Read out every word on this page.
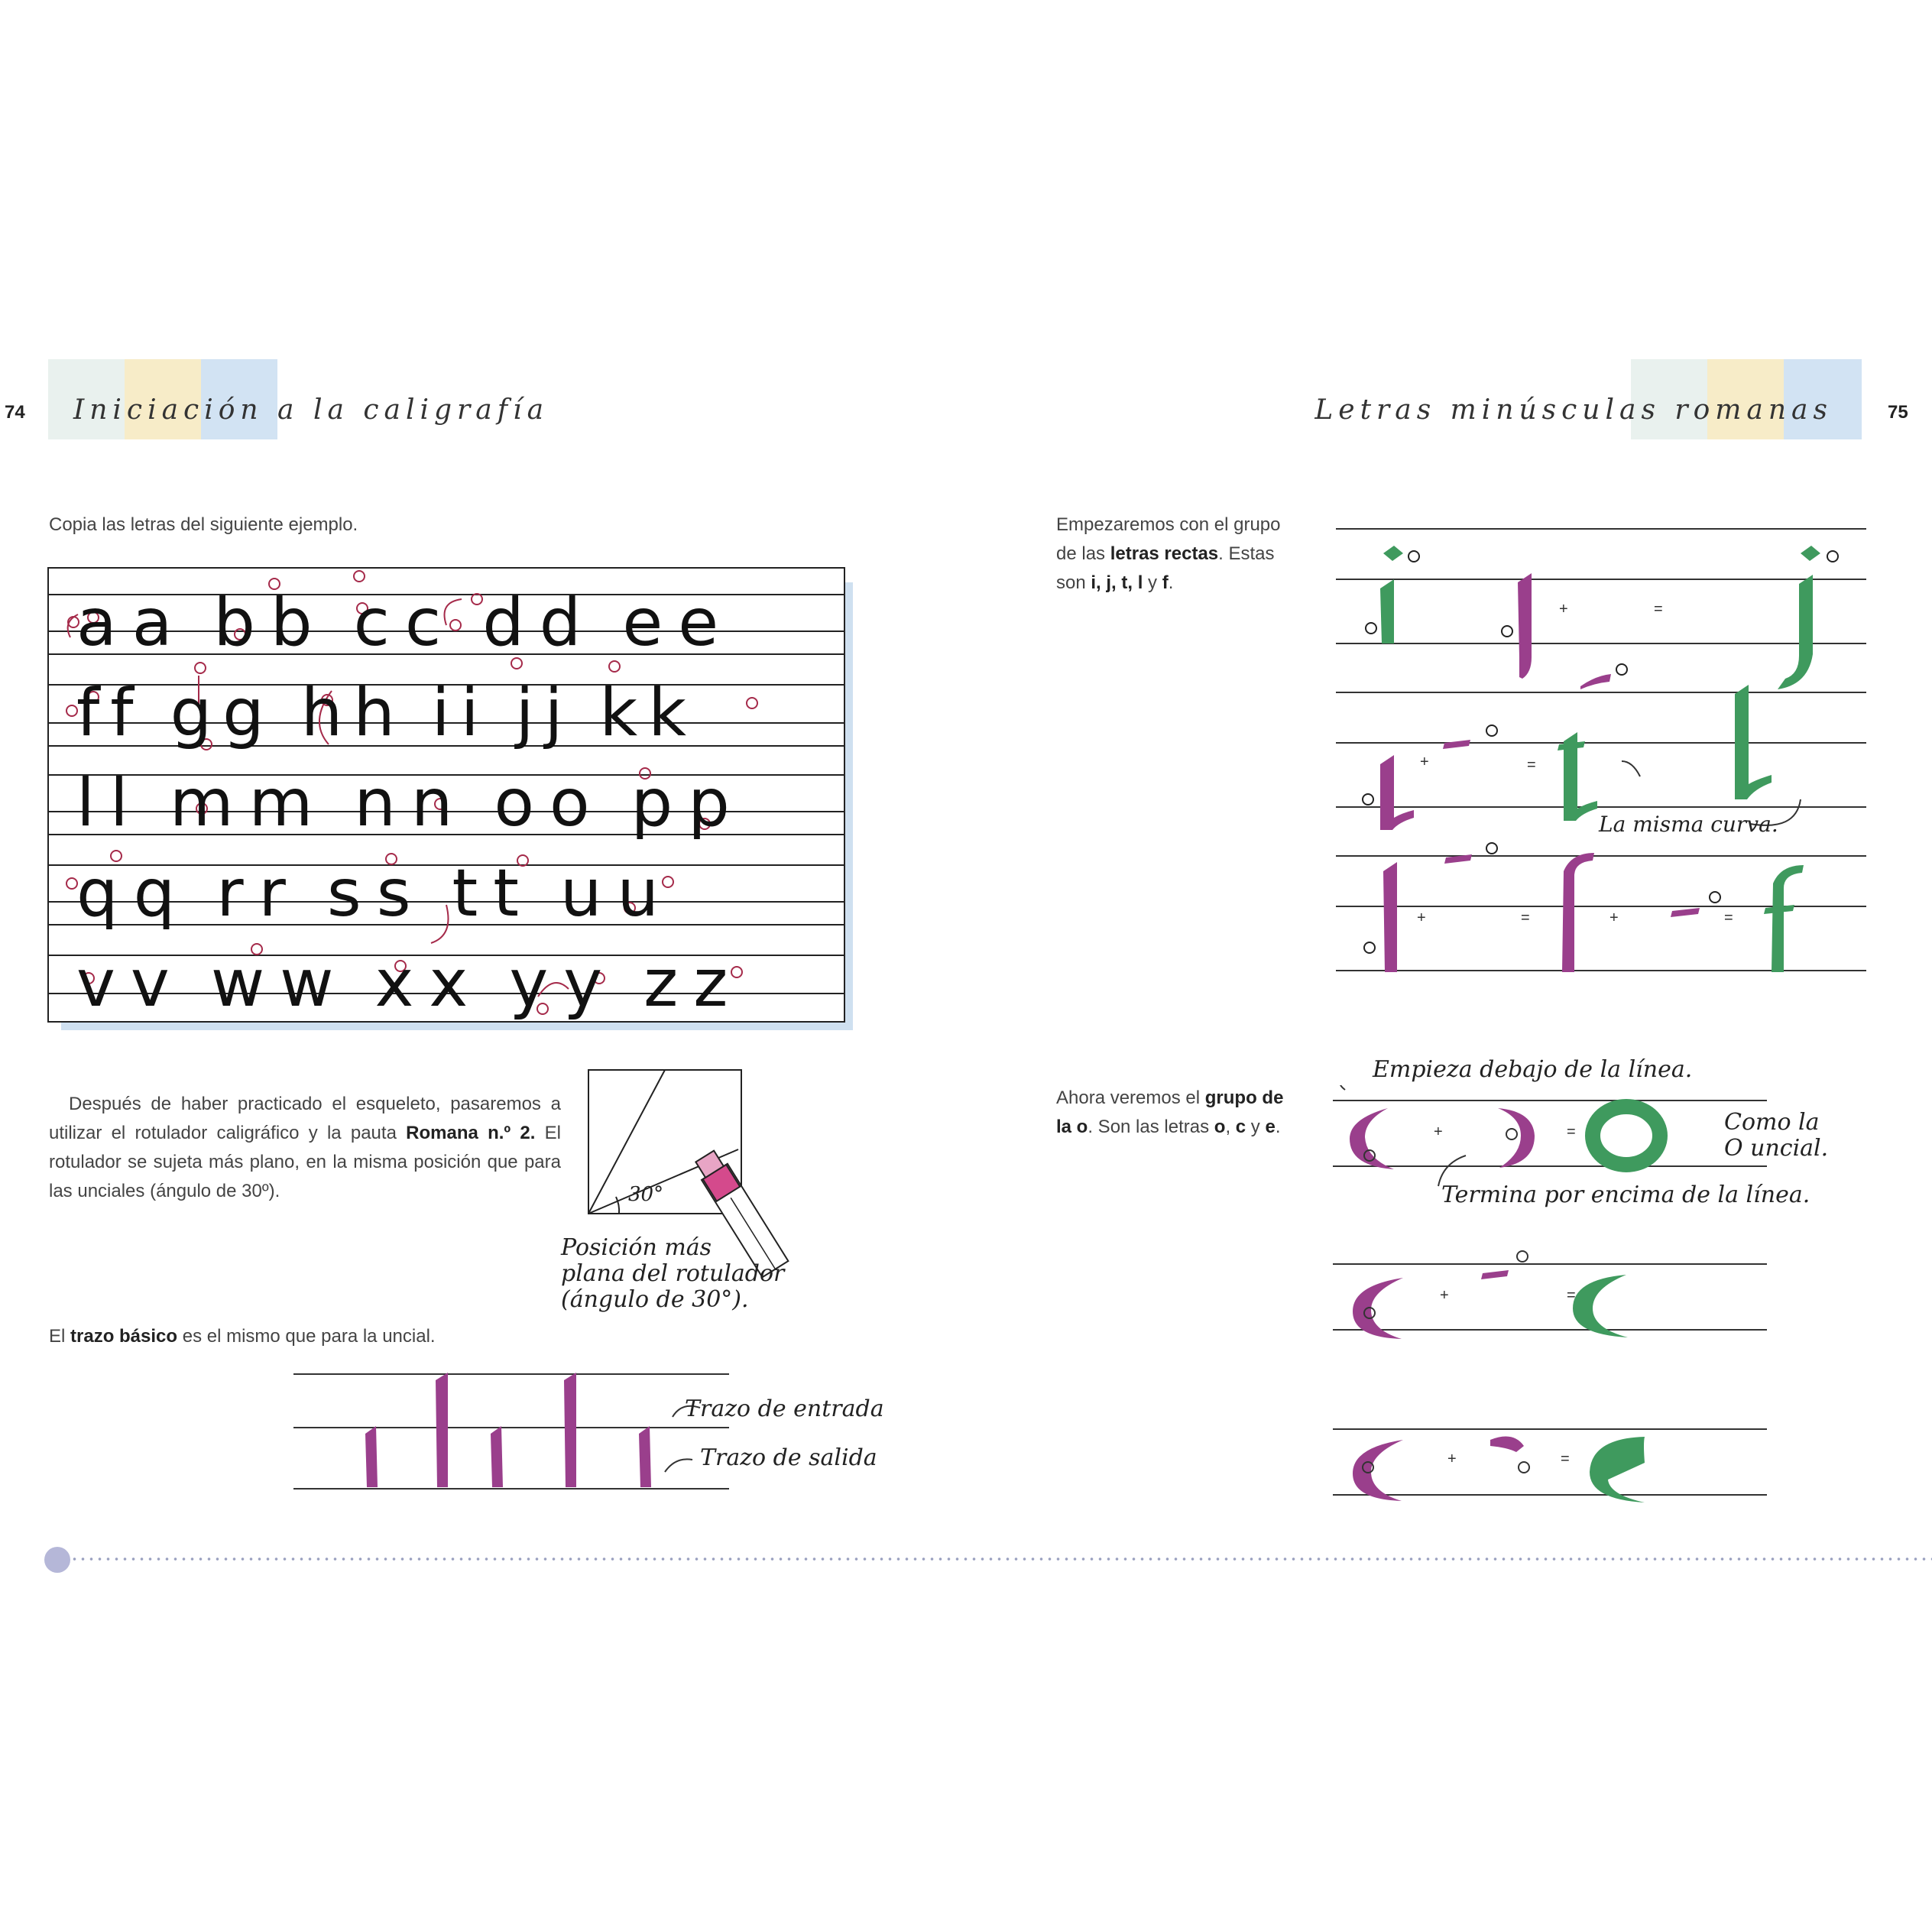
74 Iniciación a la caligrafía	Letras minúsculas romanas	75
Copia las letras del siguiente ejemplo.
a a b b c c d d e e
f f g g h h i i j j k k
l l m m n n o o p p
q q r r s s t t u u
v v w w x x y y z z
Después de haber practicado el esqueleto, pasaremos a utilizar el rotulador caligráfico y la pauta Romana n.º 2. El rotulador se sujeta más plano, en la misma posición que para las unciales (ángulo de 30º).	30°
Posición más
plana del rotulador
(ángulo de 30°).
El trazo básico es el mismo que para la uncial.
Trazo de entrada
Trazo de salida
Empezaremos con el grupo de las letras rectas. Estas son i, j, t, l y f.
La misma curva.
+	=
+	=
+	=	+	=
Ahora veremos el grupo de la o. Son las letras o, c y e.
Empieza debajo de la línea.
Como la
O uncial.
Termina por encima de la línea.
+	=
+	=
+	=
